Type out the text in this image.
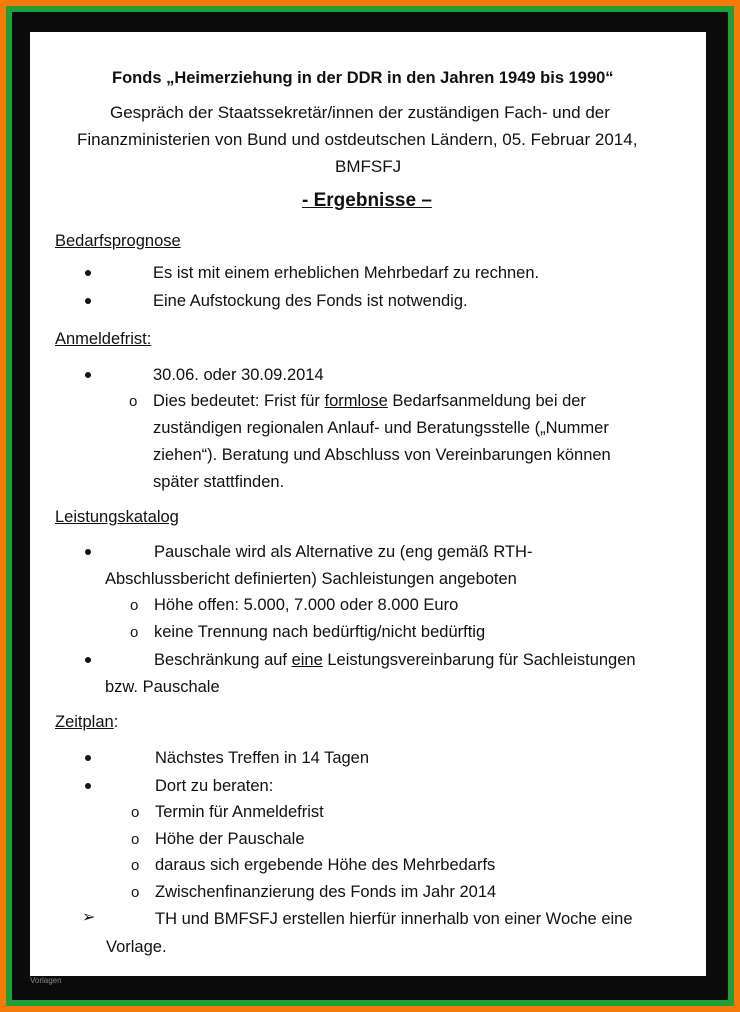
Fonds „Heimerziehung in der DDR in den Jahren 1949 bis 1990“
Gespräch der Staatssekretär/innen der zuständigen Fach- und der
Finanzministerien von Bund und ostdeutschen Ländern, 05. Februar 2014,
BMFSFJ
- Ergebnisse –
Bedarfsprognose
Es ist mit einem erheblichen Mehrbedarf zu rechnen.
Eine Aufstockung des Fonds ist notwendig.
Anmeldefrist:
30.06. oder 30.09.2014
o Dies bedeutet: Frist für formlose Bedarfsanmeldung bei der
zuständigen regionalen Anlauf- und Beratungsstelle („Nummer
ziehen“). Beratung und Abschluss von Vereinbarungen können
später stattfinden.
Leistungskatalog
Pauschale wird als Alternative zu (eng gemäß RTH-
Abschlussbericht definierten) Sachleistungen angeboten
o Höhe offen: 5.000, 7.000 oder 8.000 Euro
o keine Trennung nach bedürftig/nicht bedürftig
Beschränkung auf eine Leistungsvereinbarung für Sachleistungen
bzw. Pauschale
Zeitplan:
Nächstes Treffen in 14 Tagen
Dort zu beraten:
o Termin für Anmeldefrist
o Höhe der Pauschale
o daraus sich ergebende Höhe des Mehrbedarfs
o Zwischenfinanzierung des Fonds im Jahr 2014
➢	TH und BMFSFJ erstellen hierfür innerhalb von einer Woche eine
Vorlage.
Vorlagen
